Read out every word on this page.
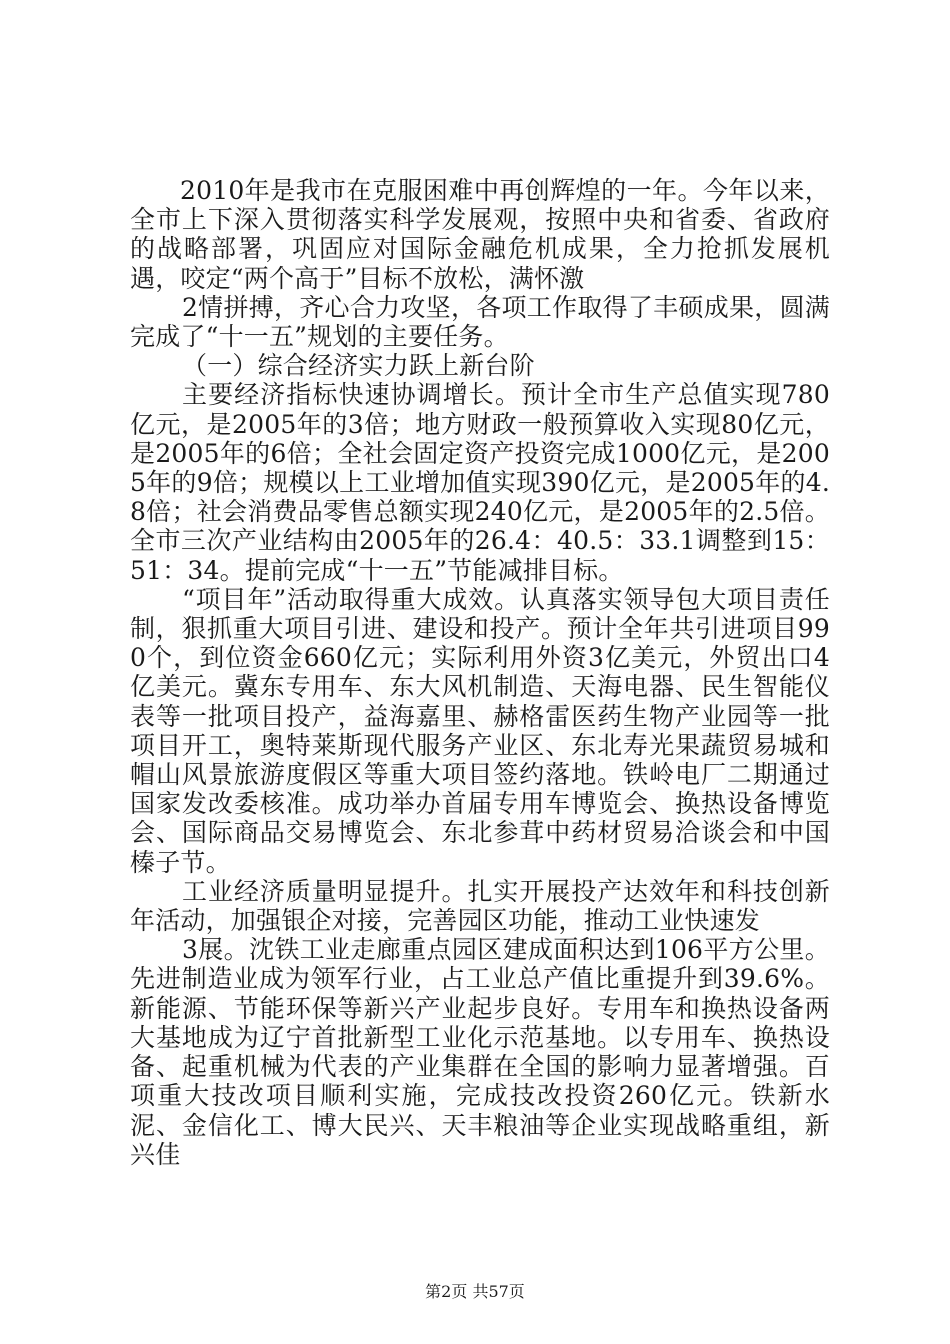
2010年是我市在克服困难中再创辉煌的一年。今年以来，全市上下深入贯彻落实科学发展观，按照中央和省委、省政府的战略部署，巩固应对国际金融危机成果，全力抢抓发展机遇，咬定“两个高于”目标不放松，满怀激

2情拼搏，齐心合力攻坚，各项工作取得了丰硕成果，圆满完成了“十一五”规划的主要任务。

（一）综合经济实力跃上新台阶

主要经济指标快速协调增长。预计全市生产总值实现780亿元，是2005年的3倍；地方财政一般预算收入实现80亿元，是2005年的6倍；全社会固定资产投资完成1000亿元，是2005年的9倍；规模以上工业增加值实现390亿元，是2005年的4.8倍；社会消费品零售总额实现240亿元，是2005年的2.5倍。全市三次产业结构由2005年的26.4：40.5：33.1调整到15：51：34。提前完成“十一五”节能减排目标。

“项目年”活动取得重大成效。认真落实领导包大项目责任制，狠抓重大项目引进、建设和投产。预计全年共引进项目990个，到位资金660亿元；实际利用外资3亿美元，外贸出口4亿美元。冀东专用车、东大风机制造、天海电器、民生智能仪表等一批项目投产，益海嘉里、赫格雷医药生物产业园等一批项目开工，奥特莱斯现代服务产业区、东北寿光果蔬贸易城和帽山风景旅游度假区等重大项目签约落地。铁岭电厂二期通过国家发改委核准。成功举办首届专用车博览会、换热设备博览会、国际商品交易博览会、东北参茸中药材贸易洽谈会和中国榛子节。

工业经济质量明显提升。扎实开展投产达效年和科技创新年活动，加强银企对接，完善园区功能，推动工业快速发

3展。沈铁工业走廊重点园区建成面积达到106平方公里。先进制造业成为领军行业，占工业总产值比重提升到39.6%。新能源、节能环保等新兴产业起步良好。专用车和换热设备两大基地成为辽宁首批新型工业化示范基地。以专用车、换热设备、起重机械为代表的产业集群在全国的影响力显著增强。百项重大技改项目顺利实施，完成技改投资260亿元。铁新水泥、金信化工、博大民兴、天丰粮油等企业实现战略重组，新兴佳

第2页 共57页
